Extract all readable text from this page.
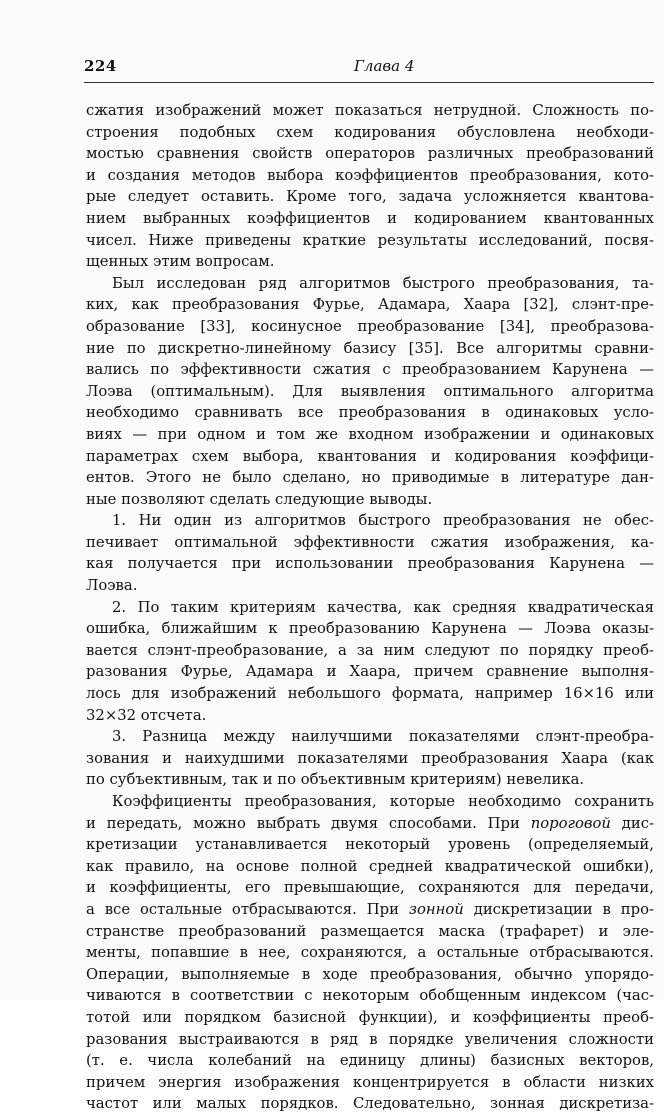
224	Глава 4
сжатия изображений может показаться нетрудной. Сложность по-
строения подобных схем кодирования обусловлена необходи-
мостью сравнения свойств операторов различных преобразований
и создания методов выбора коэффициентов преобразования, кото-
рые следует оставить. Кроме того, задача усложняется квантова-
нием выбранных коэффициентов и кодированием квантованных
чисел. Ниже приведены краткие результаты исследований, посвя-
щенных этим вопросам.
Был исследован ряд алгоритмов быстрого преобразования, та-
ких, как преобразования Фурье, Адамара, Хаара [32], слэнт-пре-
образование [33], косинусное преобразование [34], преобразова-
ние по дискретно-линейному базису [35]. Все алгоритмы сравни-
вались по эффективности сжатия с преобразованием Карунена —
Лоэва (оптимальным). Для выявления оптимального алгоритма
необходимо сравнивать все преобразования в одинаковых усло-
виях — при одном и том же входном изображении и одинаковых
параметрах схем выбора, квантования и кодирования коэффици-
ентов. Этого не было сделано, но приводимые в литературе дан-
ные позволяют сделать следующие выводы.
1. Ни один из алгоритмов быстрого преобразования не обес-
печивает оптимальной эффективности сжатия изображения, ка-
кая получается при использовании преобразования Карунена —
Лоэва.
2. По таким критериям качества, как средняя квадратическая
ошибка, ближайшим к преобразованию Карунена — Лоэва оказы-
вается слэнт-преобразование, а за ним следуют по порядку преоб-
разования Фурье, Адамара и Хаара, причем сравнение выполня-
лось для изображений небольшого формата, например 16×16 или
32×32 отсчета.
3. Разница между наилучшими показателями слэнт-преобра-
зования и наихудшими показателями преобразования Хаара (как
по субъективным, так и по объективным критериям) невелика.
Коэффициенты преобразования, которые необходимо сохранить
и передать, можно выбрать двумя способами. При пороговой дис-
кретизации устанавливается некоторый уровень (определяемый,
как правило, на основе полной средней квадратической ошибки),
и коэффициенты, его превышающие, сохраняются для передачи,
а все остальные отбрасываются. При зонной дискретизации в про-
странстве преобразований размещается маска (трафарет) и эле-
менты, попавшие в нее, сохраняются, а остальные отбрасываются.
Операции, выполняемые в ходе преобразования, обычно упорядо-
чиваются в соответствии с некоторым обобщенным индексом (час-
тотой или порядком базисной функции), и коэффициенты преоб-
разования выстраиваются в ряд в порядке увеличения сложности
(т. е. числа колебаний на единицу длины) базисных векторов,
причем энергия изображения концентрируется в области низких
частот или малых порядков. Следовательно, зонная дискретиза-
